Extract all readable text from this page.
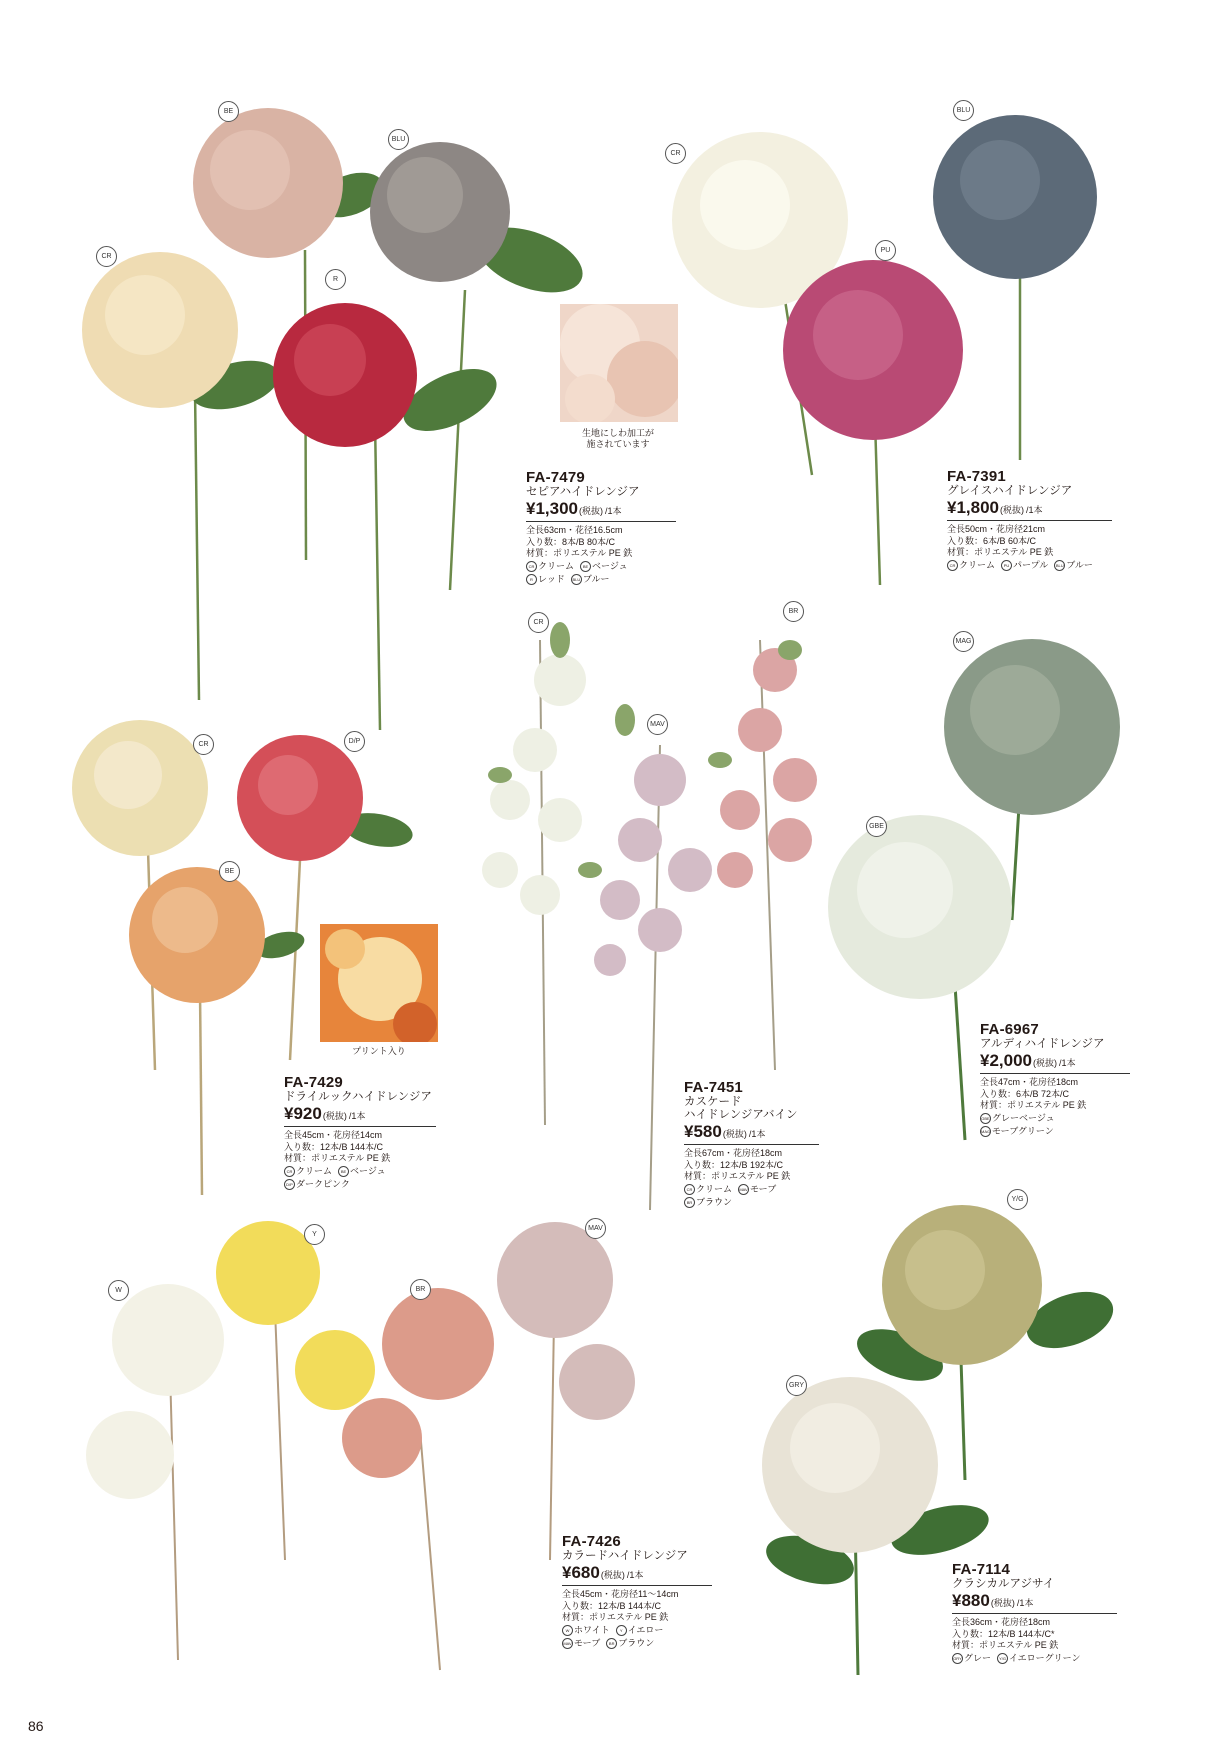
BE
BLU
CR
R
CR
BLU
PU
CR	D/P
BE
CR
MAV
BR
MAG
GBE
Y
W	BR
MAV
Y/G
GRY
生地にしわ加工が
施されています
プリント入り
FA-7479
セピアハイドレンジア
¥1,300 (税抜) /1本
全長63cm・花径16.5cm
入り数：8本/B 80本/C
材質：ポリエステル PE 鉄
CR クリーム	BE ベージュ
R レッド	BLU ブルー
FA-7391
グレイスハイドレンジア
¥1,800 (税抜) /1本
全長50cm・花房径21cm
入り数：6本/B 60本/C
材質：ポリエステル PE 鉄
CR クリーム	PU パープル	BLU ブルー
FA-7429
ドライルックハイドレンジア
¥920 (税抜) /1本
全長45cm・花房径14cm
入り数：12本/B 144本/C
材質：ポリエステル PE 鉄
CR クリーム	BE ベージュ
D/P ダークピンク
FA-7451
カスケード
ハイドレンジアバイン
¥580 (税抜) /1本
全長67cm・花房径18cm
入り数：12本/B 192本/C
材質：ポリエステル PE 鉄
CR クリーム	MAV モーブ
BR ブラウン
FA-6967
アルディハイドレンジア
¥2,000 (税抜) /1本
全長47cm・花房径18cm
入り数：6本/B 72本/C
材質：ポリエステル PE 鉄
GBE グレーベージュ
MAG モーブグリーン
FA-7426
カラードハイドレンジア
¥680 (税抜) /1本
全長45cm・花房径11～14cm
入り数：12本/B 144本/C
材質：ポリエステル PE 鉄
W ホワイト	Y イエロー
MAV モーブ	BR ブラウン
FA-7114
クラシカルアジサイ
¥880 (税抜) /1本
全長36cm・花房径18cm
入り数：12本/B 144本/C*
材質：ポリエステル PE 鉄
GRY グレー	Y/G イエローグリーン
86
